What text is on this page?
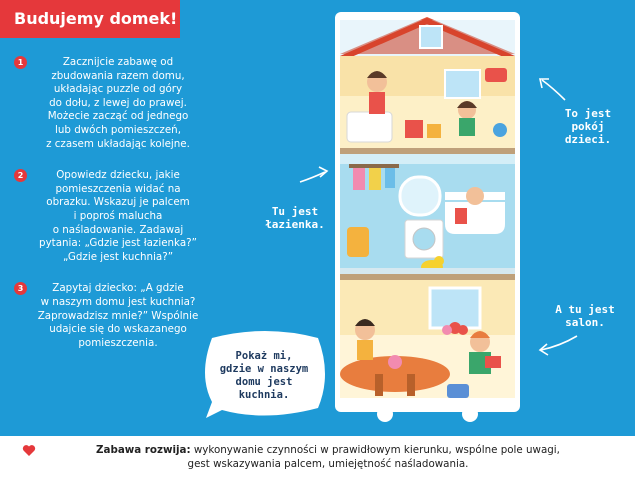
Budujemy domek!
1	Zacznijcie zabawę od
zbudowania razem domu,
układając puzzle od góry
do dołu, z lewej do prawej.
Możecie zacząć od jednego
lub dwóch pomieszczeń,
z czasem układając kolejne.
2	Opowiedz dziecku, jakie
pomieszczenia widać na
obrazku. Wskazuj je palcem
i poproś malucha
o naśladowanie. Zadawaj
pytania: „Gdzie jest łazienka?”
„Gdzie jest kuchnia?”
3	Zapytaj dziecko: „A gdzie
w naszym domu jest kuchnia?
Zaprowadzisz mnie?” Wspólnie
udajcie się do wskazanego
pomieszczenia.
Pokaż mi,
gdzie w naszym
domu jest
kuchnia.
To jest
pokój dzieci.
Tu jest
łazienka.
A tu jest
salon.
Zabawa rozwija: wykonywanie czynności w prawidłowym kierunku, wspólne pole uwagi,
gest wskazywania palcem, umiejętność naśladowania.
